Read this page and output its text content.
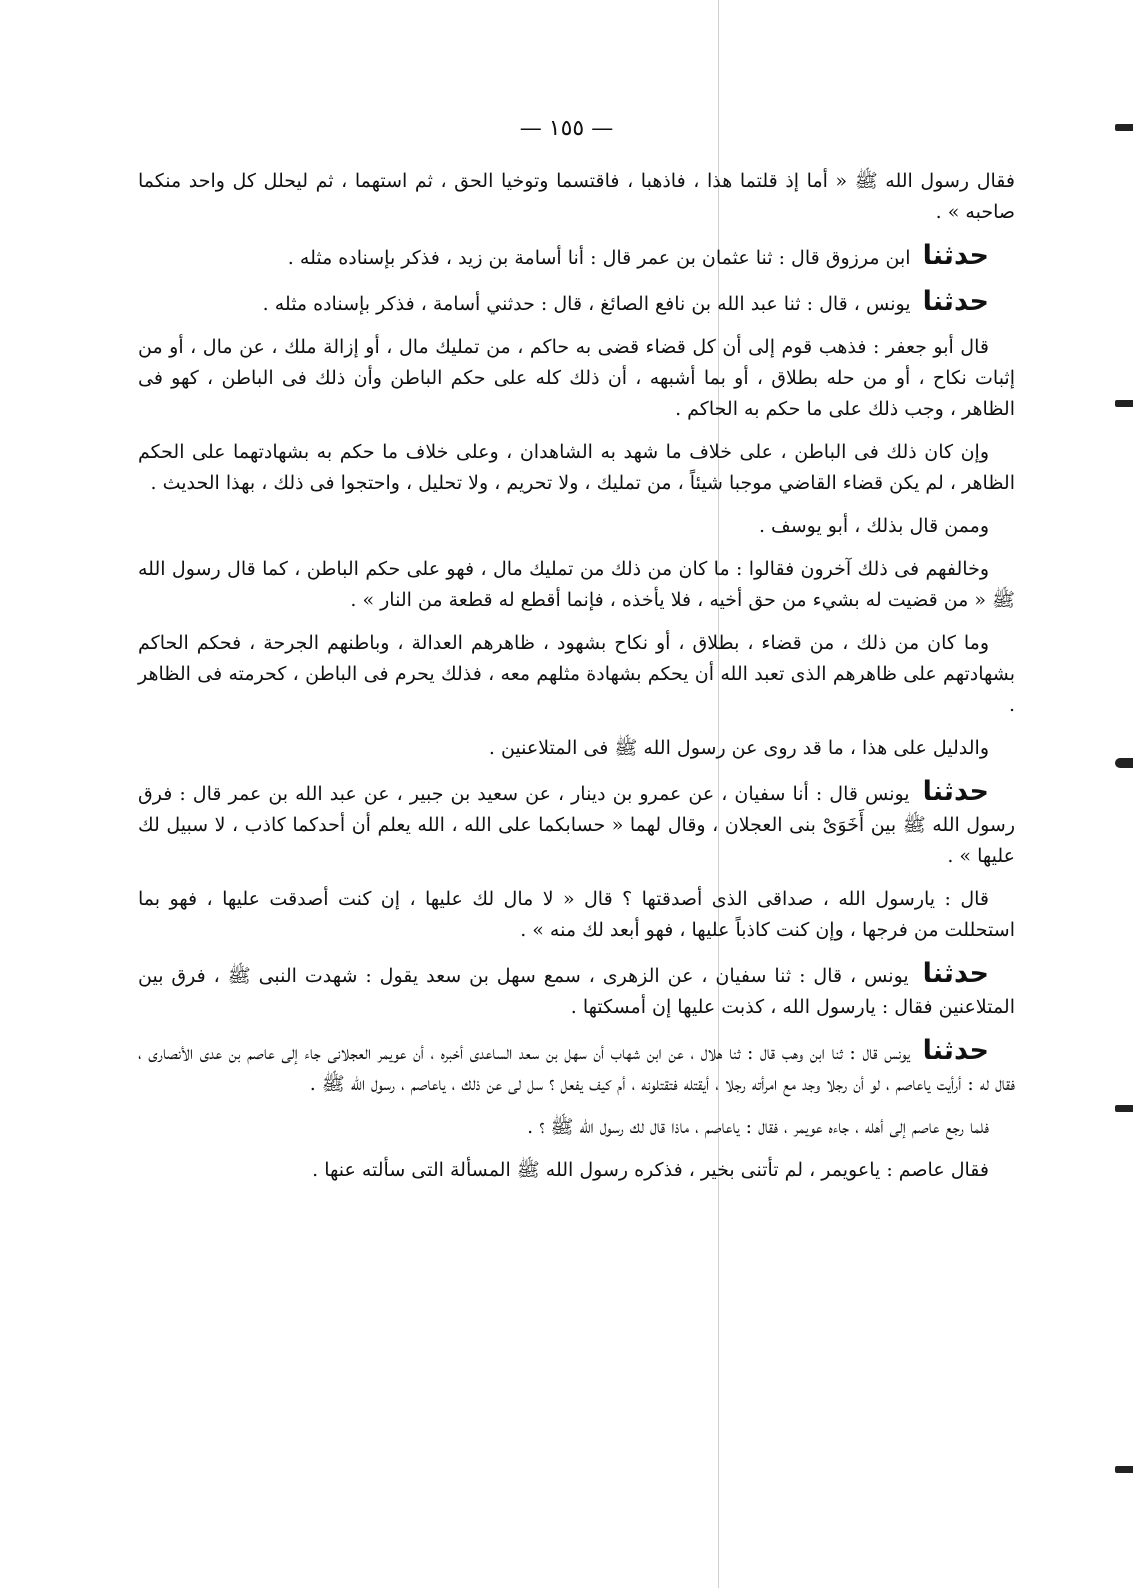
— ١٥٥ —

فقال رسول الله ﷺ « أما إذ قلتما هذا ، فاذهبا ، فاقتسما وتوخيا الحق ، ثم استهما ، ثم ليحلل كل واحد منكما صاحبه » .

حدثنا ابن مرزوق قال : ثنا عثمان بن عمر قال : أنا أسامة بن زيد ، فذكر بإسناده مثله .

حدثنا يونس ، قال : ثنا عبد الله بن نافع الصائغ ، قال : حدثني أسامة ، فذكر بإسناده مثله .

قال أبو جعفر : فذهب قوم إلى أن كل قضاء قضى به حاكم ، من تمليك مال ، أو إزالة ملك ، عن مال ، أو من إثبات نكاح ، أو من حله بطلاق ، أو بما أشبهه ، أن ذلك كله على حكم الباطن وأن ذلك فى الباطن ، كهو فى الظاهر ، وجب ذلك على ما حكم به الحاكم .

وإن كان ذلك فى الباطن ، على خلاف ما شهد به الشاهدان ، وعلى خلاف ما حكم به بشهادتهما على الحكم الظاهر ، لم يكن قضاء القاضي موجبا شيئاً ، من تمليك ، ولا تحريم ، ولا تحليل ، واحتجوا فى ذلك ، بهذا الحديث .

وممن قال بذلك ، أبو يوسف .

وخالفهم فى ذلك آخرون فقالوا : ما كان من ذلك من تمليك مال ، فهو على حكم الباطن ، كما قال رسول الله ﷺ « من قضيت له بشيء من حق أخيه ، فلا يأخذه ، فإنما أقطع له قطعة من النار » .

وما كان من ذلك ، من قضاء ، بطلاق ، أو نكاح بشهود ، ظاهرهم العدالة ، وباطنهم الجرحة ، فحكم الحاكم بشهادتهم على ظاهرهم الذى تعبد الله أن يحكم بشهادة مثلهم معه ، فذلك يحرم فى الباطن ، كحرمته فى الظاهر .

والدليل على هذا ، ما قد روى عن رسول الله ﷺ فى المتلاعنين .

حدثنا يونس قال : أنا سفيان ، عن عمرو بن دينار ، عن سعيد بن جبير ، عن عبد الله بن عمر قال : فرق رسول الله ﷺ بين أَخَوَىْ بنى العجلان ، وقال لهما « حسابكما على الله ، الله يعلم أن أحدكما كاذب ، لا سبيل لك عليها » .

قال : يارسول الله ، صداقى الذى أصدقتها ؟ قال « لا مال لك عليها ، إن كنت أصدقت عليها ، فهو بما استحللت من فرجها ، وإن كنت كاذباً عليها ، فهو أبعد لك منه » .

حدثنا يونس ، قال : ثنا سفيان ، عن الزهرى ، سمع سهل بن سعد يقول : شهدت النبى ﷺ ، فرق بين المتلاعنين فقال : يارسول الله ، كذبت عليها إن أمسكتها .

حدثنا يونس قال : ثنا ابن وهب قال : ثنا هلال ، عن ابن شهاب أن سهل بن سعد الساعدى أخبره ، أن عويمر العجلانى جاء إلى عاصم بن عدى الأنصارى ، فقال له : أرأيت ياعاصم ، لو أن رجلا وجد مع امرأته رجلا ، أيقتله فتقتلونه ، أم كيف يفعل ؟ سل لى عن ذلك ، ياعاصم ، رسول الله ﷺ .

فلما رجع عاصم إلى أهله ، جاءه عويمر ، فقال : ياعاصم ، ماذا قال لك رسول الله ﷺ ؟ .

فقال عاصم : ياعويمر ، لم تأتنى بخير ، فذكره رسول الله ﷺ المسألة التى سألته عنها .
